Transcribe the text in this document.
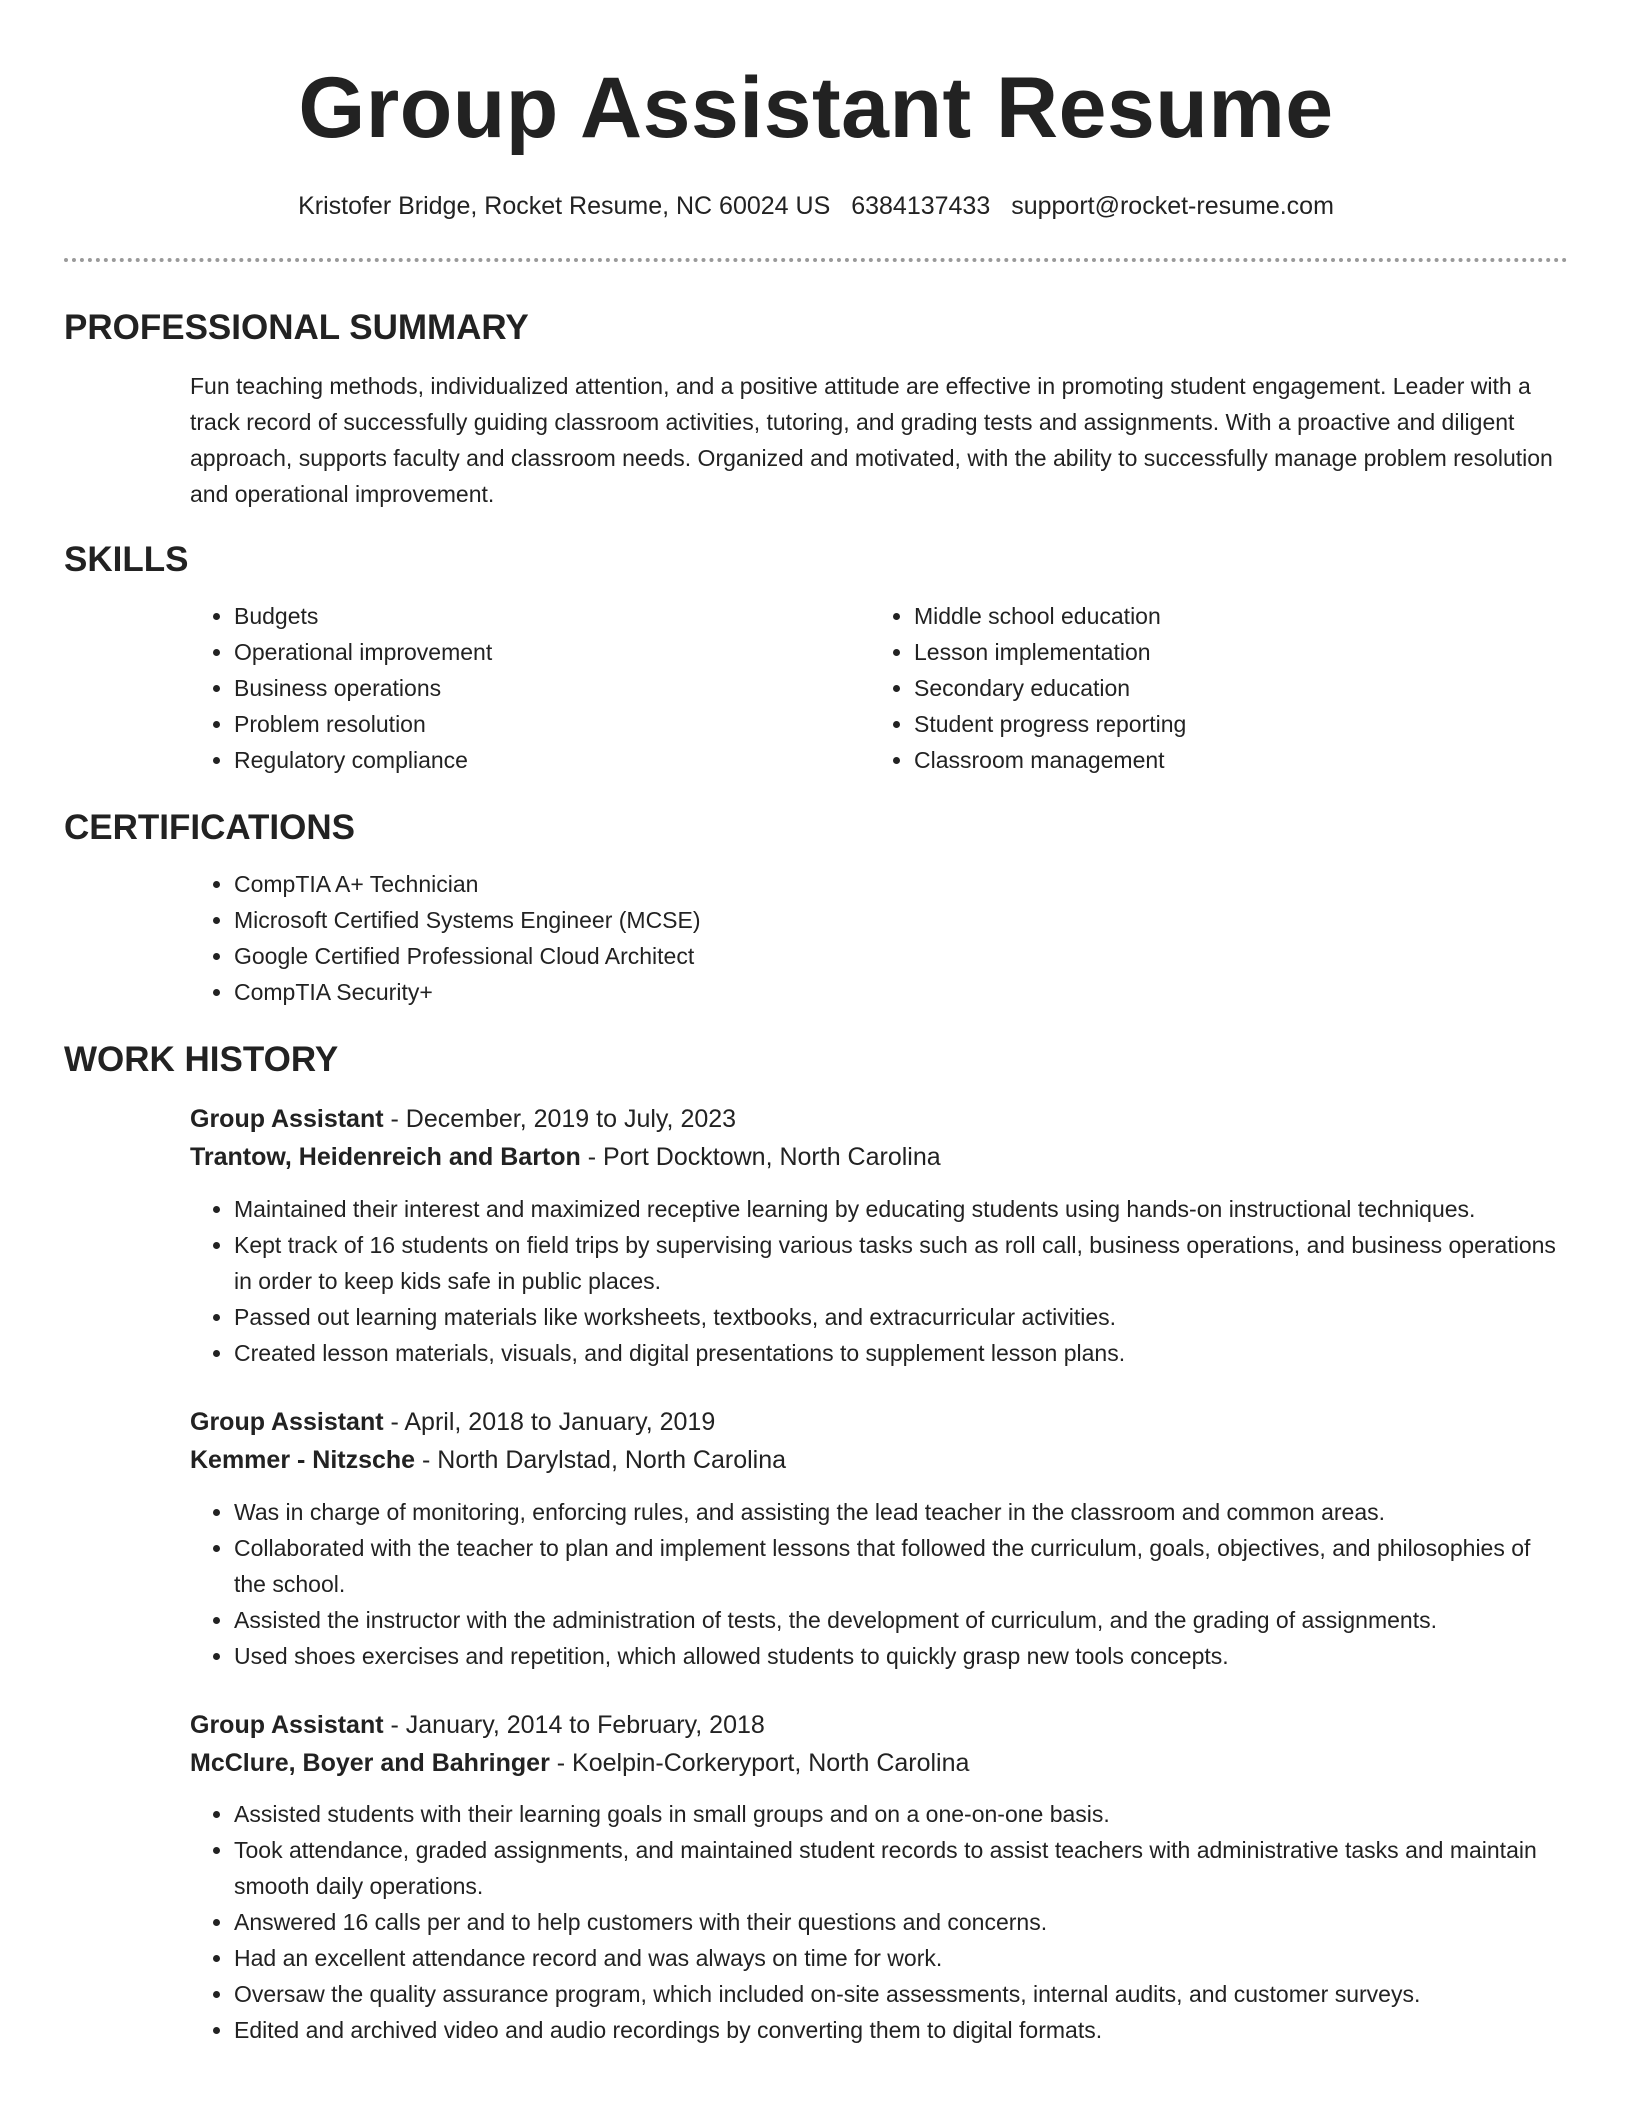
Group Assistant Resume
Kristofer Bridge, Rocket Resume, NC 60024 US 6384137433 support@rocket-resume.com
PROFESSIONAL SUMMARY

Fun teaching methods, individualized attention, and a positive attitude are effective in promoting student engagement. Leader with a track record of successfully guiding classroom activities, tutoring, and grading tests and assignments. With a proactive and diligent approach, supports faculty and classroom needs. Organized and motivated, with the ability to successfully manage problem resolution and operational improvement.

SKILLS
• Budgets
• Operational improvement
• Business operations
• Problem resolution
• Regulatory compliance
• Middle school education
• Lesson implementation
• Secondary education
• Student progress reporting
• Classroom management
CERTIFICATIONS
• CompTIA A+ Technician
• Microsoft Certified Systems Engineer (MCSE)
• Google Certified Professional Cloud Architect
• CompTIA Security+
WORK HISTORY
Group Assistant - December, 2019 to July, 2023
Trantow, Heidenreich and Barton - Port Docktown, North Carolina
• Maintained their interest and maximized receptive learning by educating students using hands-on instructional techniques.
• Kept track of 16 students on field trips by supervising various tasks such as roll call, business operations, and business operations in order to keep kids safe in public places.
• Passed out learning materials like worksheets, textbooks, and extracurricular activities.
• Created lesson materials, visuals, and digital presentations to supplement lesson plans.
Group Assistant - April, 2018 to January, 2019
Kemmer - Nitzsche - North Darylstad, North Carolina
• Was in charge of monitoring, enforcing rules, and assisting the lead teacher in the classroom and common areas.
• Collaborated with the teacher to plan and implement lessons that followed the curriculum, goals, objectives, and philosophies of the school.
• Assisted the instructor with the administration of tests, the development of curriculum, and the grading of assignments.
• Used shoes exercises and repetition, which allowed students to quickly grasp new tools concepts.
Group Assistant - January, 2014 to February, 2018
McClure, Boyer and Bahringer - Koelpin-Corkeryport, North Carolina
• Assisted students with their learning goals in small groups and on a one-on-one basis.
• Took attendance, graded assignments, and maintained student records to assist teachers with administrative tasks and maintain smooth daily operations.
• Answered 16 calls per and to help customers with their questions and concerns.
• Had an excellent attendance record and was always on time for work.
• Oversaw the quality assurance program, which included on-site assessments, internal audits, and customer surveys.
• Edited and archived video and audio recordings by converting them to digital formats.
